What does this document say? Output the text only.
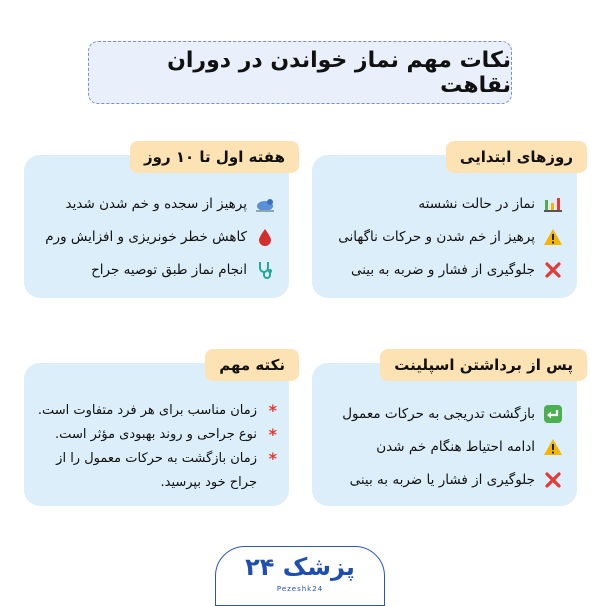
نکات مهم نماز خواندن در دوران نقاهت
روزهای ابتدایی
نماز در حالت نشسته
پرهیز از خم شدن و حرکات ناگهانی
جلوگیری از فشار و ضربه به بینی
هفته اول تا ۱۰ روز
پرهیز از سجده و خم شدن شدید
کاهش خطر خونریزی و افزایش ورم
انجام نماز طبق توصیه جراح
پس از برداشتن اسپلینت
بازگشت تدریجی به حرکات معمول
ادامه احتیاط هنگام خم شدن
جلوگیری از فشار یا ضربه به بینی
نکته مهم
*
زمان مناسب برای هر فرد متفاوت است.
*
نوع جراحی و روند بهبودی مؤثر است.
*
زمان بازگشت به حرکات معمول را از جراح خود بپرسید.
پزشک ۲۴
Pezeshk24
